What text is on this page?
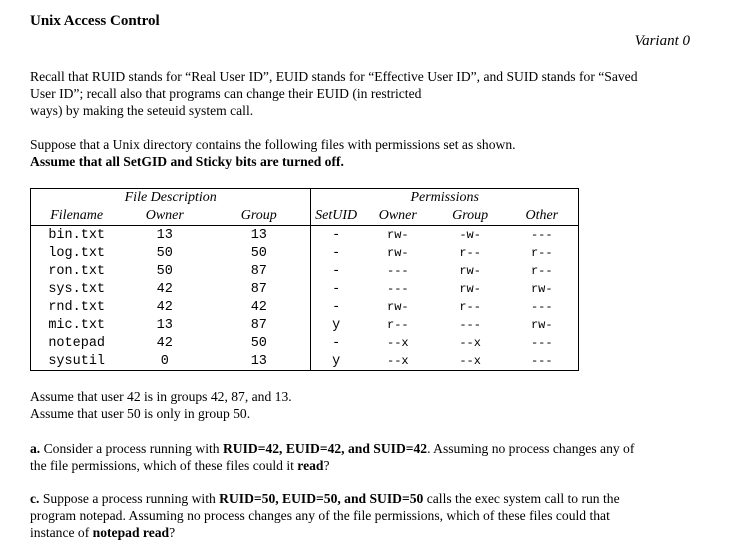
Unix Access Control
Variant 0
Recall that RUID stands for “Real User ID”, EUID stands for “Effective User ID”, and SUID stands for “Saved
User ID”; recall also that programs can change their EUID (in restricted
ways) by making the seteuid system call.
Suppose that a Unix directory contains the following files with permissions set as shown.
Assume that all SetGID and Sticky bits are turned off.
File Description			Permissions			
Filename	Owner	Group	SetUID	Owner	Group	Other
bin.txt	13	13	-	rw-	-w-	---
log.txt	50	50	-	rw-	r--	r--
ron.txt	50	87	-	---	rw-	r--
sys.txt	42	87	-	---	rw-	rw-
rnd.txt	42	42	-	rw-	r--	---
mic.txt	13	87	y	r--	---	rw-
notepad	42	50	-	--x	--x	---
sysutil	0	13	y	--x	--x	---
Assume that user 42 is in groups 42, 87, and 13.
Assume that user 50 is only in group 50.
a. Consider a process running with RUID=42, EUID=42, and SUID=42. Assuming no process changes any of
the file permissions, which of these files could it read?
c. Suppose a process running with RUID=50, EUID=50, and SUID=50 calls the exec system call to run the
program notepad. Assuming no process changes any of the file permissions, which of these files could that
instance of notepad read?
